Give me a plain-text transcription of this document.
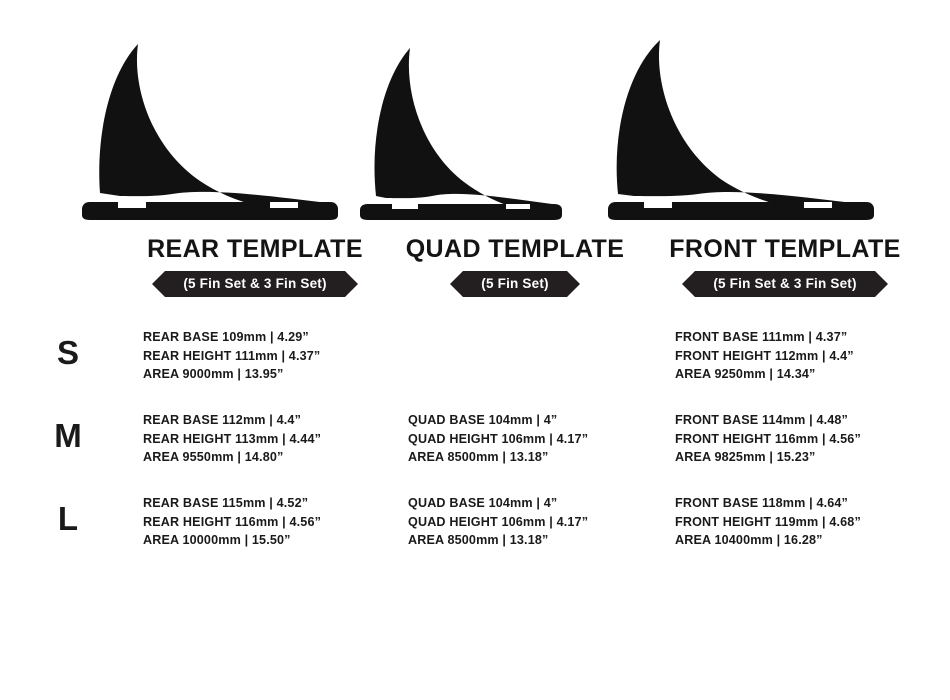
REAR TEMPLATE
(5 Fin Set & 3 Fin Set)
QUAD TEMPLATE
(5 Fin Set)
FRONT TEMPLATE
(5 Fin Set & 3 Fin Set)
S	REAR BASE 109mm | 4.29”
REAR HEIGHT 111mm | 4.37”
AREA 9000mm | 13.95”
FRONT BASE 111mm | 4.37”
FRONT HEIGHT 112mm | 4.4”
AREA 9250mm | 14.34”
M	REAR BASE 112mm | 4.4”
REAR HEIGHT 113mm | 4.44”
AREA 9550mm | 14.80”
QUAD BASE 104mm | 4”
QUAD HEIGHT 106mm | 4.17”
AREA 8500mm | 13.18”
FRONT BASE 114mm | 4.48”
FRONT HEIGHT 116mm | 4.56”
AREA 9825mm | 15.23”
L	REAR BASE 115mm | 4.52”
REAR HEIGHT 116mm | 4.56”
AREA 10000mm | 15.50”
QUAD BASE 104mm | 4”
QUAD HEIGHT 106mm | 4.17”
AREA 8500mm | 13.18”
FRONT BASE 118mm | 4.64”
FRONT HEIGHT 119mm | 4.68”
AREA 10400mm | 16.28”
